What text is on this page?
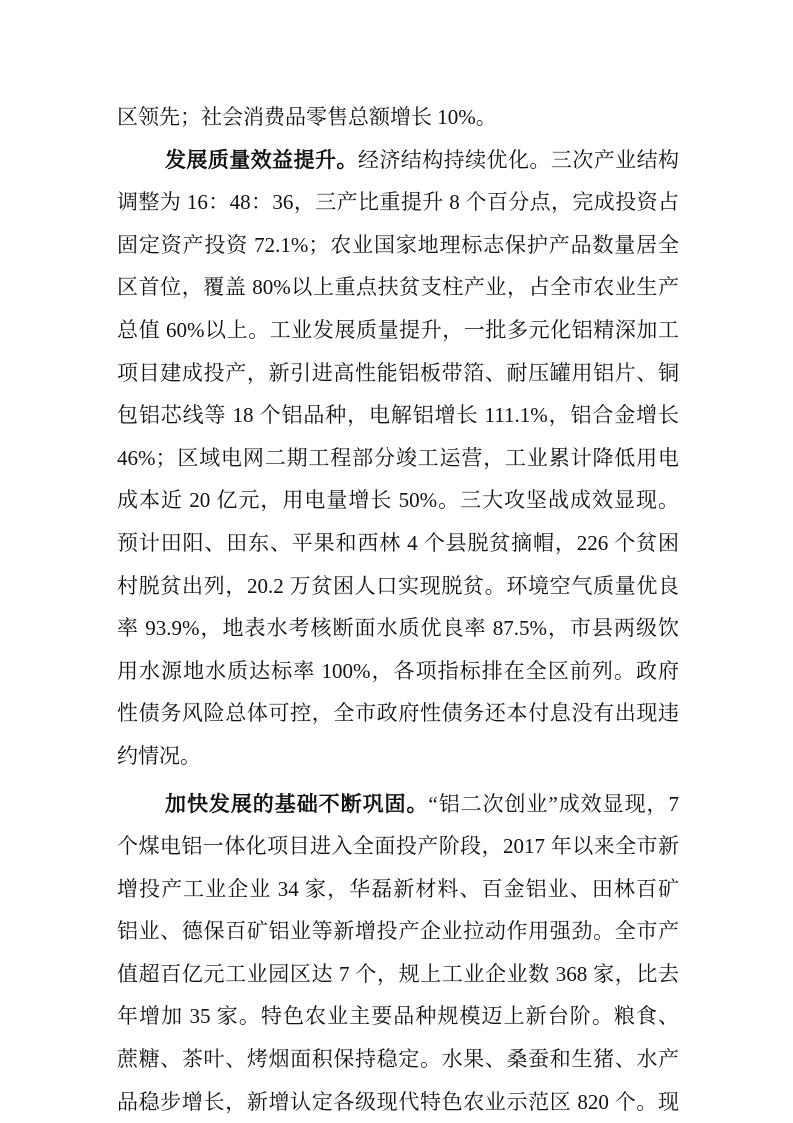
区领先；社会消费品零售总额增长 10%。
发展质量效益提升。经济结构持续优化。三次产业结构
调整为 16：48：36，三产比重提升 8 个百分点，完成投资占
固定资产投资 72.1%；农业国家地理标志保护产品数量居全
区首位，覆盖 80%以上重点扶贫支柱产业，占全市农业生产
总值 60%以上。工业发展质量提升，一批多元化铝精深加工
项目建成投产，新引进高性能铝板带箔、耐压罐用铝片、铜
包铝芯线等 18 个铝品种，电解铝增长 111.1%，铝合金增长
46%；区域电网二期工程部分竣工运营，工业累计降低用电
成本近 20 亿元，用电量增长 50%。三大攻坚战成效显现。
预计田阳、田东、平果和西林 4 个县脱贫摘帽，226 个贫困
村脱贫出列，20.2 万贫困人口实现脱贫。环境空气质量优良
率 93.9%，地表水考核断面水质优良率 87.5%，市县两级饮
用水源地水质达标率 100%，各项指标排在全区前列。政府
性债务风险总体可控，全市政府性债务还本付息没有出现违
约情况。
加快发展的基础不断巩固。“铝二次创业”成效显现，7
个煤电铝一体化项目进入全面投产阶段，2017 年以来全市新
增投产工业企业 34 家，华磊新材料、百金铝业、田林百矿
铝业、德保百矿铝业等新增投产企业拉动作用强劲。全市产
值超百亿元工业园区达 7 个，规上工业企业数 368 家，比去
年增加 35 家。特色农业主要品种规模迈上新台阶。粮食、
蔗糖、茶叶、烤烟面积保持稳定。水果、桑蚕和生猪、水产
品稳步增长，新增认定各级现代特色农业示范区 820 个。现
